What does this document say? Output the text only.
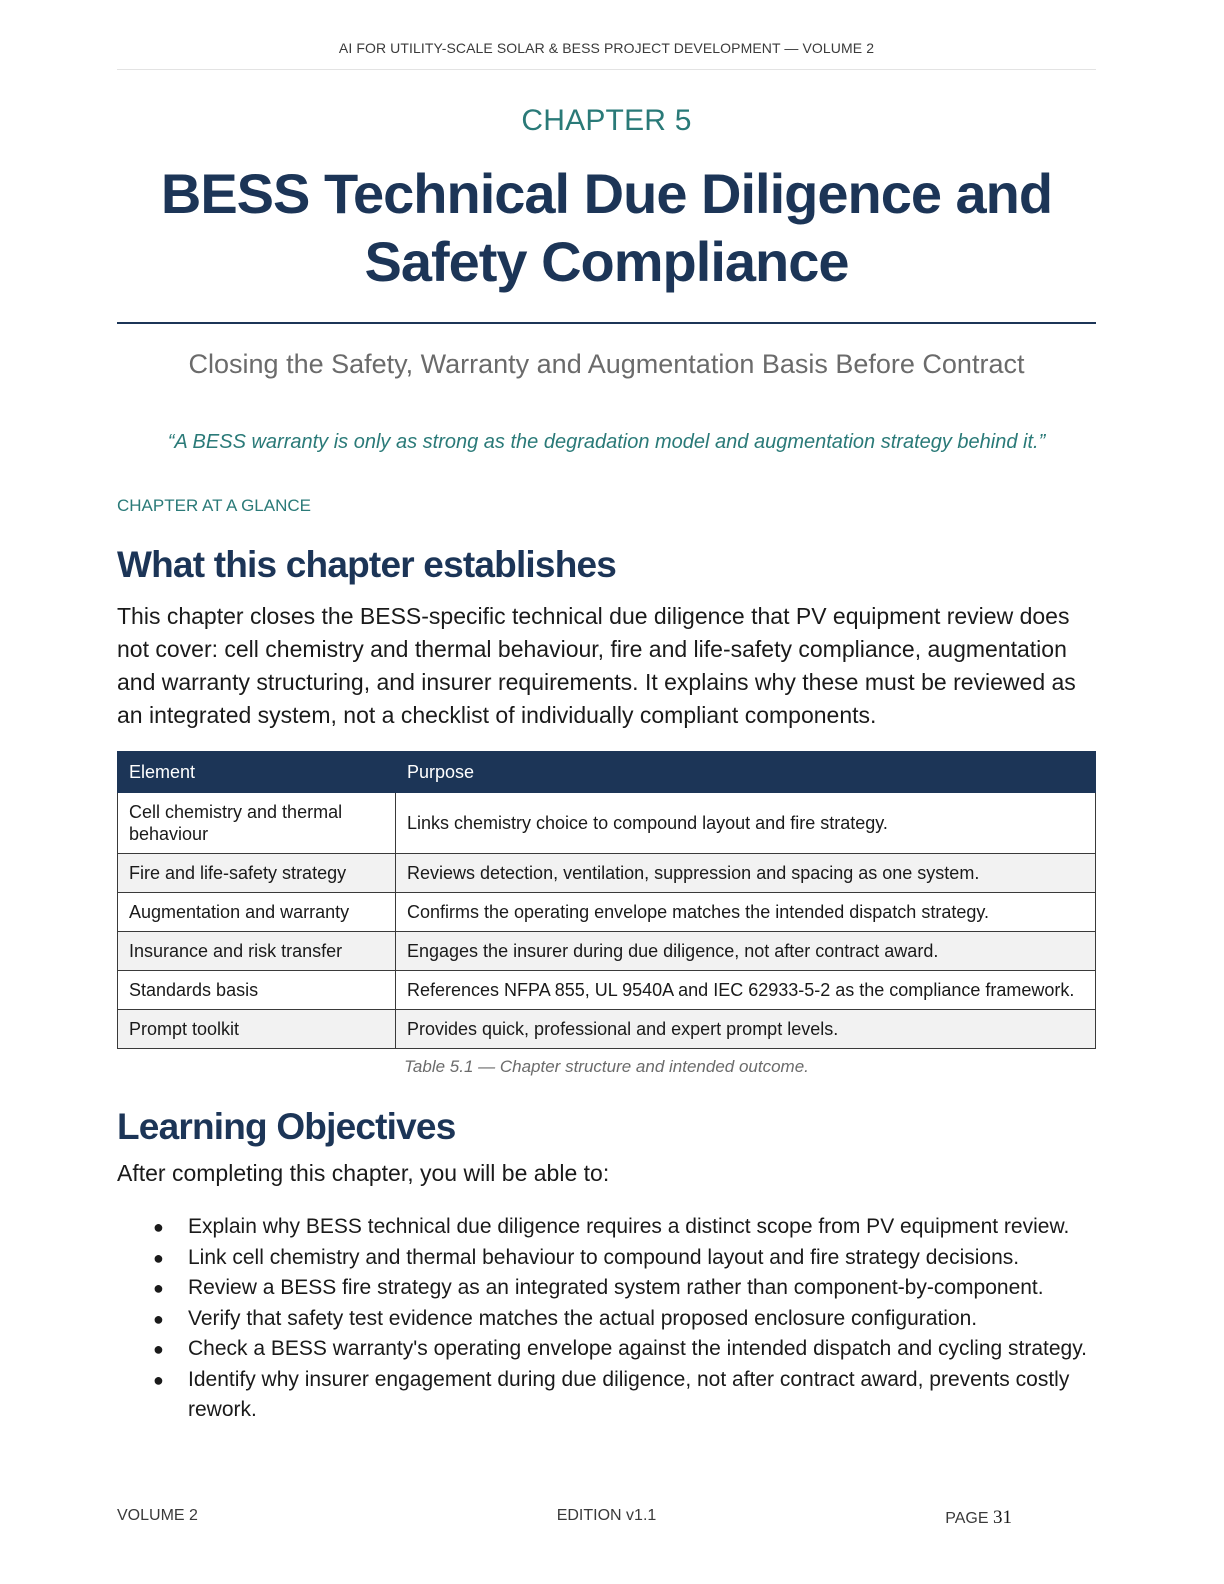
AI FOR UTILITY-SCALE SOLAR & BESS PROJECT DEVELOPMENT — VOLUME 2
CHAPTER 5
BESS Technical Due Diligence and Safety Compliance
Closing the Safety, Warranty and Augmentation Basis Before Contract
“A BESS warranty is only as strong as the degradation model and augmentation strategy behind it.”
CHAPTER AT A GLANCE
What this chapter establishes
This chapter closes the BESS-specific technical due diligence that PV equipment review does not cover: cell chemistry and thermal behaviour, fire and life-safety compliance, augmentation and warranty structuring, and insurer requirements. It explains why these must be reviewed as an integrated system, not a checklist of individually compliant components.
Element	Purpose
Cell chemistry and thermal behaviour	Links chemistry choice to compound layout and fire strategy.
Fire and life-safety strategy	Reviews detection, ventilation, suppression and spacing as one system.
Augmentation and warranty	Confirms the operating envelope matches the intended dispatch strategy.
Insurance and risk transfer	Engages the insurer during due diligence, not after contract award.
Standards basis	References NFPA 855, UL 9540A and IEC 62933-5-2 as the compliance framework.
Prompt toolkit	Provides quick, professional and expert prompt levels.
Table 5.1 — Chapter structure and intended outcome.
Learning Objectives
After completing this chapter, you will be able to:
● Explain why BESS technical due diligence requires a distinct scope from PV equipment review.
● Link cell chemistry and thermal behaviour to compound layout and fire strategy decisions.
● Review a BESS fire strategy as an integrated system rather than component-by-component.
● Verify that safety test evidence matches the actual proposed enclosure configuration.
● Check a BESS warranty's operating envelope against the intended dispatch and cycling strategy.
● Identify why insurer engagement during due diligence, not after contract award, prevents costly rework.
VOLUME 2	EDITION v1.1	PAGE 31
